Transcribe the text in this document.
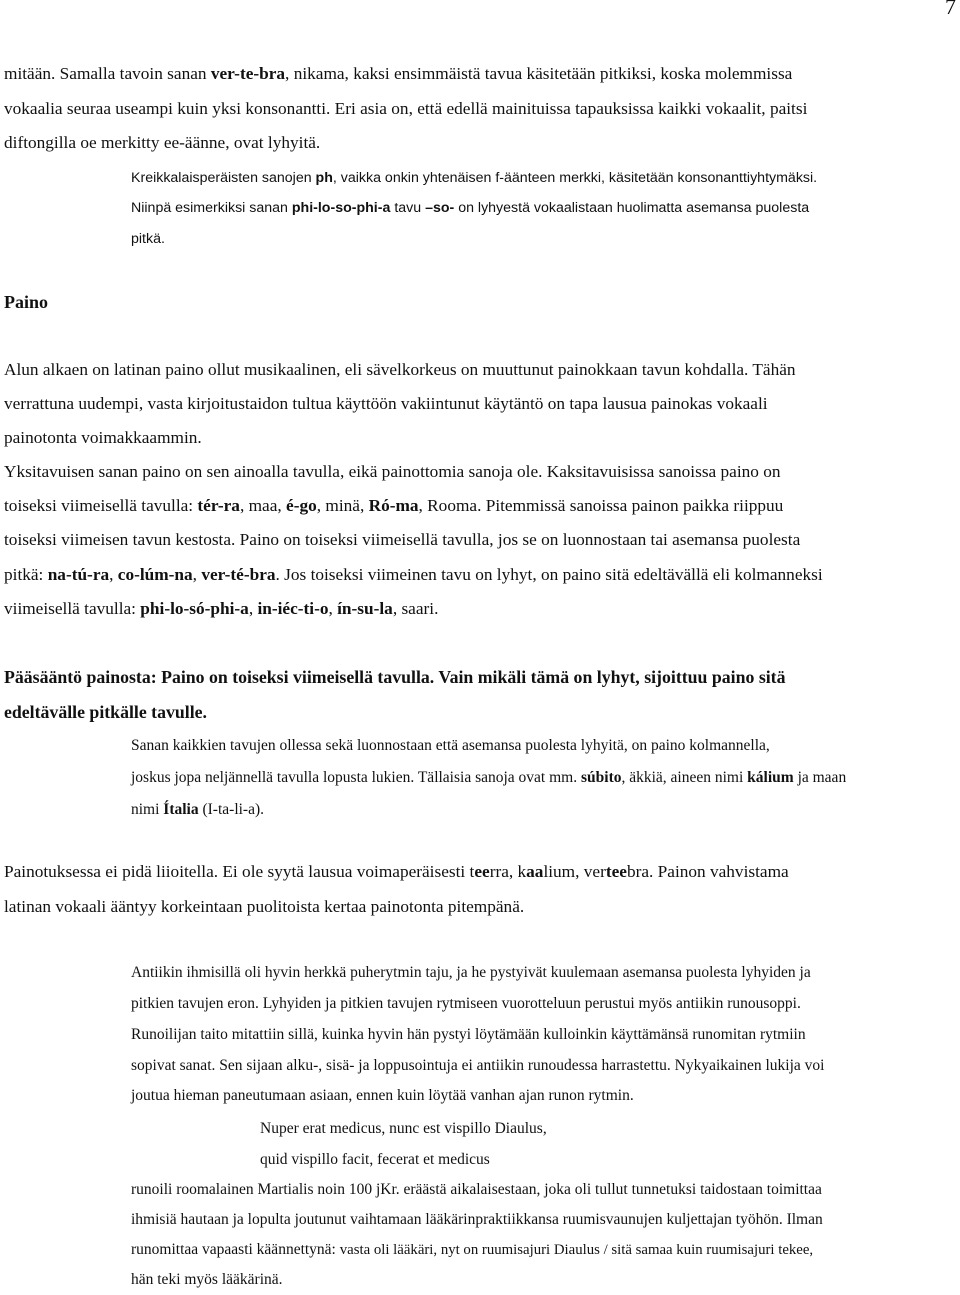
7
mitään. Samalla tavoin sanan ver-te-bra, nikama, kaksi ensimmäistä tavua käsitetään pitkiksi, koska molemmissa
vokaalia seuraa useampi kuin yksi konsonantti. Eri asia on, että edellä mainituissa tapauksissa kaikki vokaalit, paitsi
diftongilla oe merkitty ee-äänne, ovat lyhyitä.
Kreikkalaisperäisten sanojen ph, vaikka onkin yhtenäisen f-äänteen merkki, käsitetään konsonanttiyhtymäksi.
Niinpä esimerkiksi sanan phi-lo-so-phi-a tavu –so- on lyhyestä vokaalistaan huolimatta asemansa puolesta
pitkä.
Paino
Alun alkaen on latinan paino ollut musikaalinen, eli sävelkorkeus on muuttunut painokkaan tavun kohdalla. Tähän
verrattuna uudempi, vasta kirjoitustaidon tultua käyttöön vakiintunut käytäntö on tapa lausua painokas vokaali
painotonta voimakkaammin.
Yksitavuisen sanan paino on sen ainoalla tavulla, eikä painottomia sanoja ole. Kaksitavuisissa sanoissa paino on
toiseksi viimeisellä tavulla: tér-ra, maa, é-go, minä, Ró-ma, Rooma. Pitemmissä sanoissa painon paikka riippuu
toiseksi viimeisen tavun kestosta. Paino on toiseksi viimeisellä tavulla, jos se on luonnostaan tai asemansa puolesta
pitkä: na-tú-ra, co-lúm-na, ver-té-bra. Jos toiseksi viimeinen tavu on lyhyt, on paino sitä edeltävällä eli kolmanneksi
viimeisellä tavulla: phi-lo-só-phi-a, in-iéc-ti-o, ín-su-la, saari.
Pääsääntö painosta: Paino on toiseksi viimeisellä tavulla. Vain mikäli tämä on lyhyt, sijoittuu paino sitä
edeltävälle pitkälle tavulle.
Sanan kaikkien tavujen ollessa sekä luonnostaan että asemansa puolesta lyhyitä, on paino kolmannella,
joskus jopa neljännellä tavulla lopusta lukien. Tällaisia sanoja ovat mm. súbito, äkkiä, aineen nimi kálium ja maan
nimi Ítalia (I-ta-li-a).
Painotuksessa ei pidä liioitella. Ei ole syytä lausua voimaperäisesti teerra, kaalium, verteebra. Painon vahvistama
latinan vokaali ääntyy korkeintaan puolitoista kertaa painotonta pitempänä.
Antiikin ihmisillä oli hyvin herkkä puherytmin taju, ja he pystyivät kuulemaan asemansa puolesta lyhyiden ja
pitkien tavujen eron. Lyhyiden ja pitkien tavujen rytmiseen vuorotteluun perustui myös antiikin runousoppi.
Runoilijan taito mitattiin sillä, kuinka hyvin hän pystyi löytämään kulloinkin käyttämänsä runomitan rytmiin
sopivat sanat. Sen sijaan alku-, sisä- ja loppusointuja ei antiikin runoudessa harrastettu. Nykyaikainen lukija voi
joutua hieman paneutumaan asiaan, ennen kuin löytää vanhan ajan runon rytmin.
Nuper erat medicus, nunc est vispillo Diaulus,
quid vispillo facit, fecerat et medicus
runoili roomalainen Martialis noin 100 jKr. eräästä aikalaisestaan, joka oli tullut tunnetuksi taidostaan toimittaa
ihmisiä hautaan ja lopulta joutunut vaihtamaan lääkärinpraktiikkansa ruumisvaunujen kuljettajan työhön. Ilman
runomittaa vapaasti käännettynä: vasta oli lääkäri, nyt on ruumisajuri Diaulus / sitä samaa kuin ruumisajuri tekee,
hän teki myös lääkärinä.
